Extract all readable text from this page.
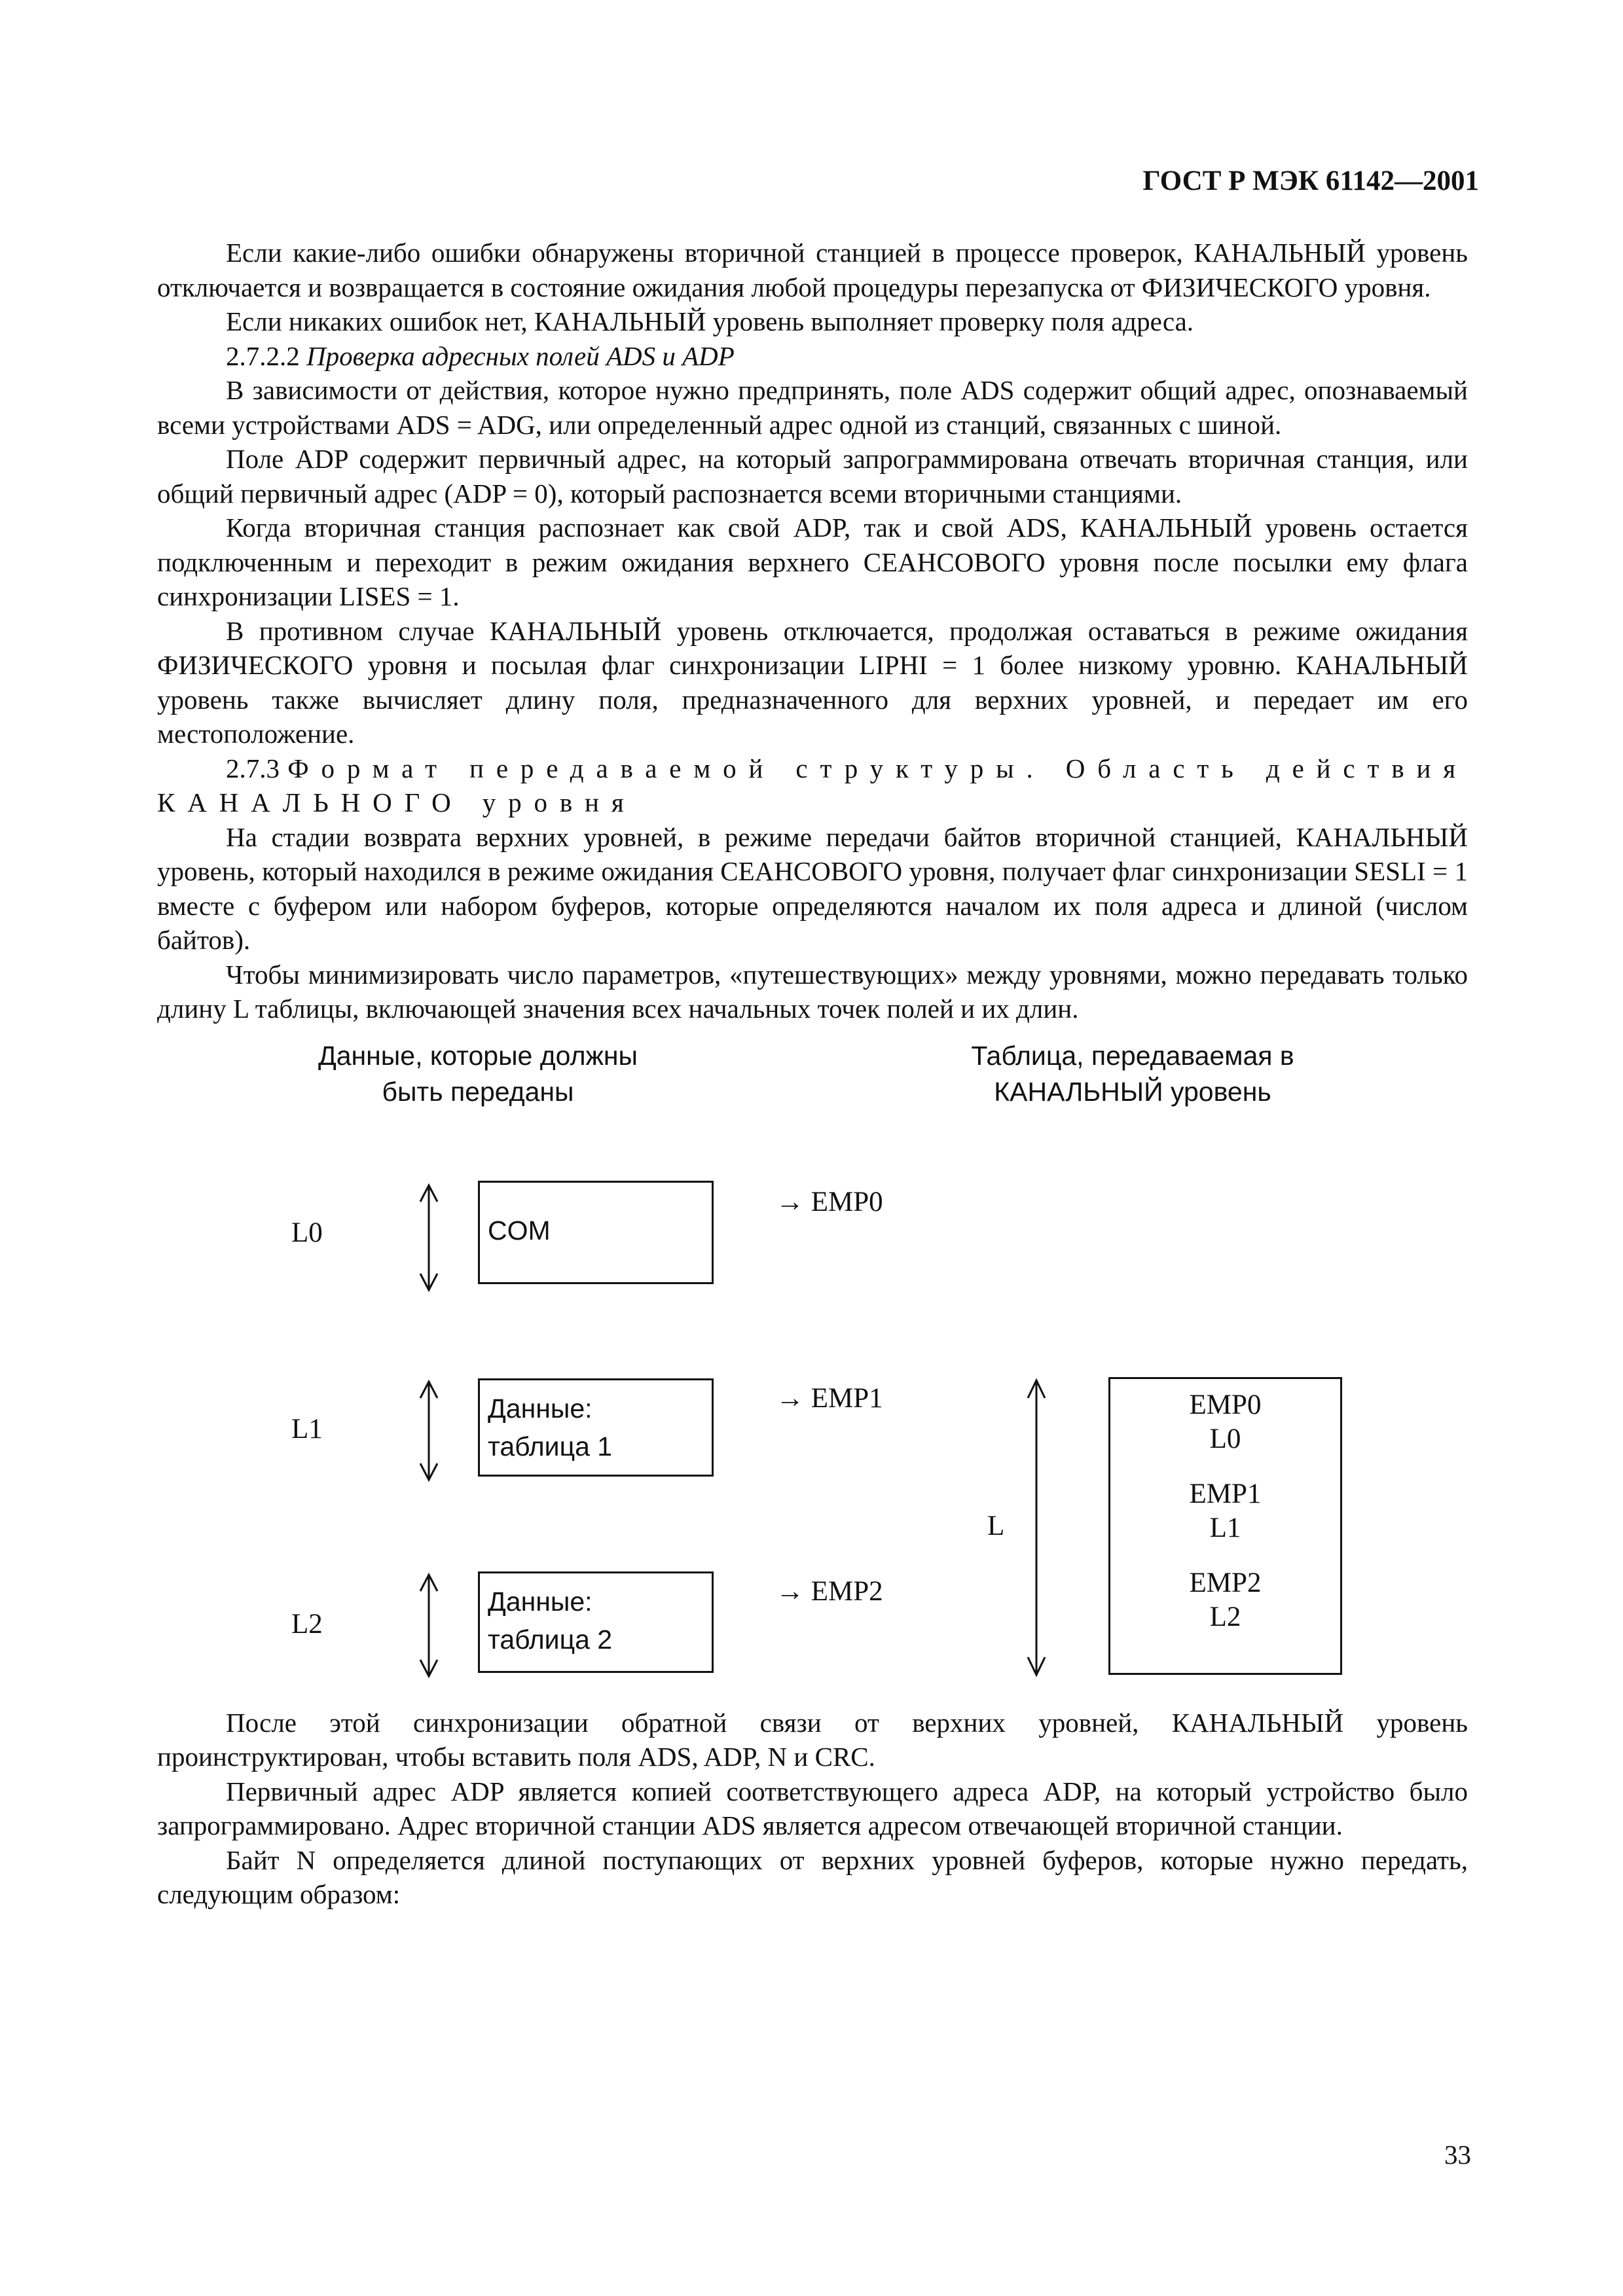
ГОСТ Р МЭК 61142—2001

Если какие-либо ошибки обнаружены вторичной станцией в процессе проверок, КАНАЛЬНЫЙ уровень отключается и возвращается в состояние ожидания любой процедуры перезапуска от ФИЗИЧЕСКОГО уровня.

Если никаких ошибок нет, КАНАЛЬНЫЙ уровень выполняет проверку поля адреса.

2.7.2.2 Проверка адресных полей ADS и ADP

В зависимости от действия, которое нужно предпринять, поле ADS содержит общий адрес, опознаваемый всеми устройствами ADS = ADG, или определенный адрес одной из станций, связанных с шиной.

Поле ADP содержит первичный адрес, на который запрограммирована отвечать вторичная станция, или общий первичный адрес (ADP = 0), который распознается всеми вторичными станциями.

Когда вторичная станция распознает как свой ADP, так и свой ADS, КАНАЛЬНЫЙ уровень остается подключенным и переходит в режим ожидания верхнего СЕАНСОВОГО уровня после посылки ему флага синхронизации LISES = 1.

В противном случае КАНАЛЬНЫЙ уровень отключается, продолжая оставаться в режиме ожидания ФИЗИЧЕСКОГО уровня и посылая флаг синхронизации LIPHI = 1 более низкому уровню. КАНАЛЬНЫЙ уровень также вычисляет длину поля, предназначенного для верхних уровней, и передает им его местоположение.

2.7.3 Формат передаваемой структуры. Область действия КАНАЛЬНОГО уровня

На стадии возврата верхних уровней, в режиме передачи байтов вторичной станцией, КАНАЛЬНЫЙ уровень, который находился в режиме ожидания СЕАНСОВОГО уровня, получает флаг синхронизации SESLI = 1 вместе с буфером или набором буферов, которые определяются началом их поля адреса и длиной (числом байтов).

Чтобы минимизировать число параметров, «путешествующих» между уровнями, можно передавать только длину L таблицы, включающей значения всех начальных точек полей и их длин.

Данные, которые должны
быть переданы
Таблица, передаваемая в
КАНАЛЬНЫЙ уровень
L0	COM
→ EMP0
L1
Данные:
таблица 1
→ EMP1
L2
Данные:
таблица 2
→ EMP2
L
EMP0
L0
EMP1
L1
EMP2
L2

После этой синхронизации обратной связи от верхних уровней, КАНАЛЬНЫЙ уровень проинструктирован, чтобы вставить поля ADS, ADP, N и CRC.

Первичный адрес ADP является копией соответствующего адреса ADP, на который устройство было запрограммировано. Адрес вторичной станции ADS является адресом отвечающей вторичной станции.

Байт N определяется длиной поступающих от верхних уровней буферов, которые нужно передать, следующим образом:

33
